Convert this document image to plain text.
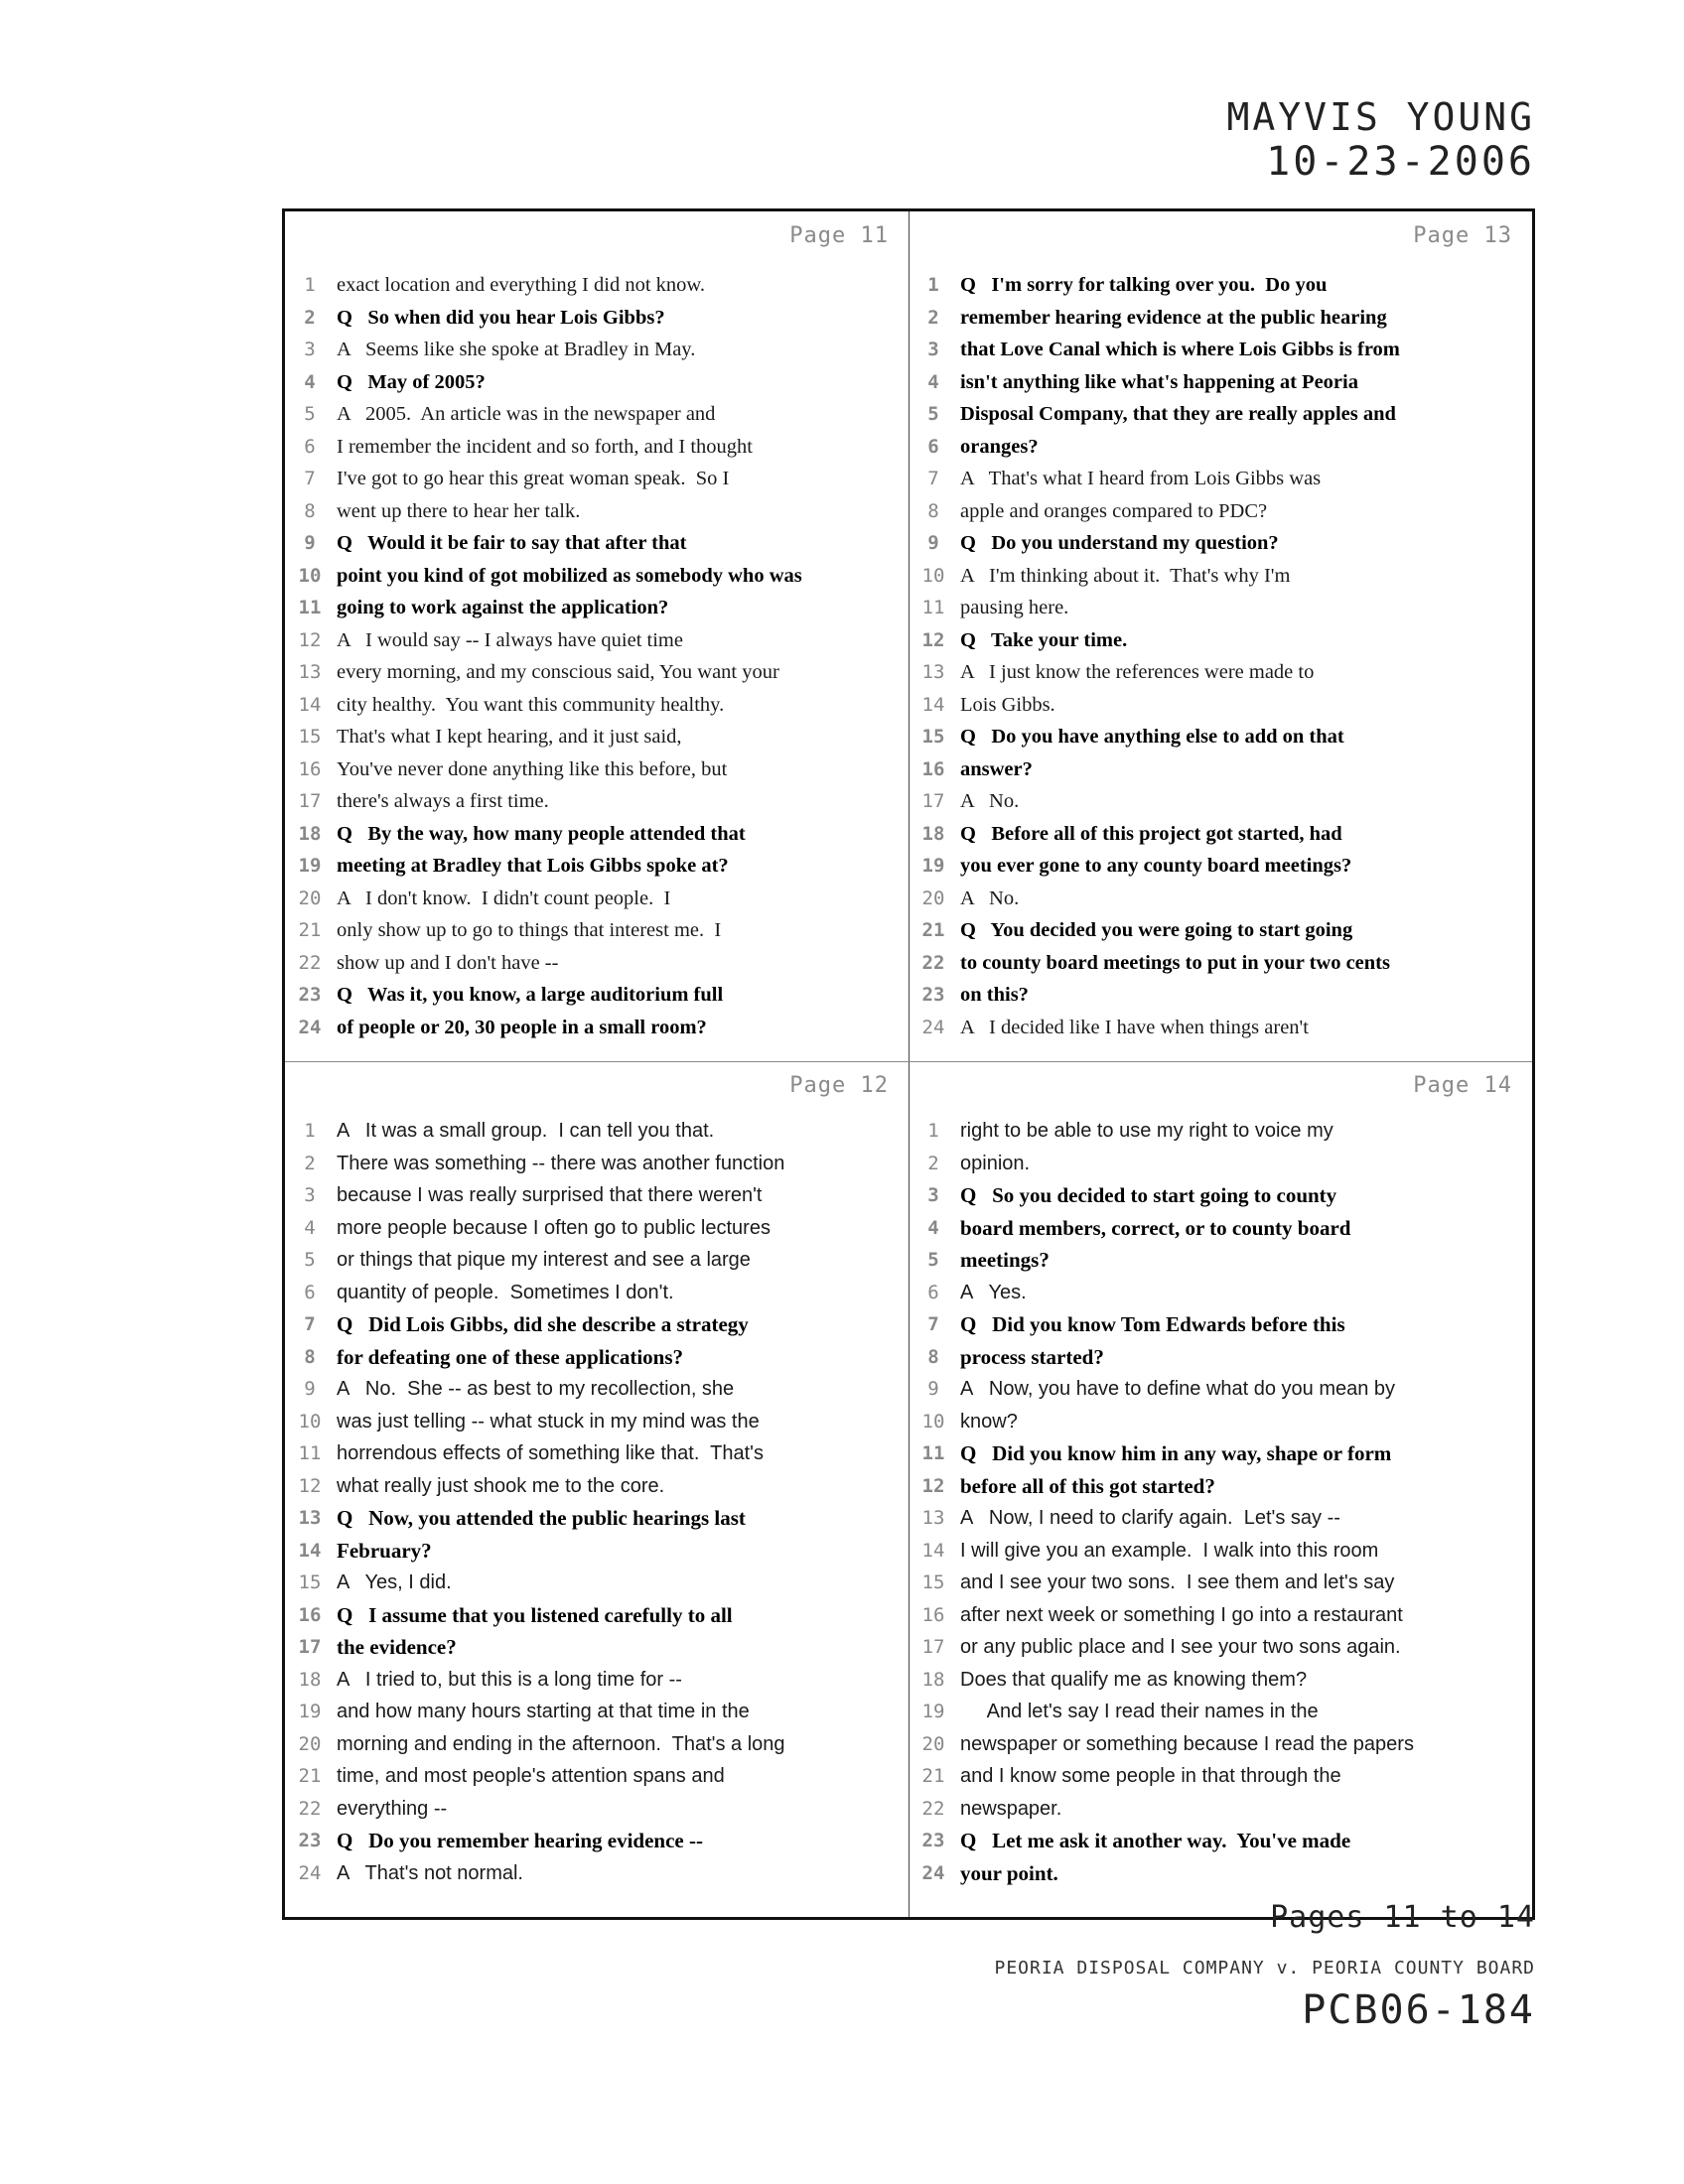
MAYVIS YOUNG
10-23-2006
Page 11
1	exact location and everything I did not know.
2	Q   So when did you hear Lois Gibbs?
3	A   Seems like she spoke at Bradley in May.
4	Q   May of 2005?
5	A   2005.  An article was in the newspaper and
6	I remember the incident and so forth, and I thought
7	I've got to go hear this great woman speak.  So I
8	went up there to hear her talk.
9	Q   Would it be fair to say that after that
10 point you kind of got mobilized as somebody who was
11 going to work against the application?
12 A   I would say -- I always have quiet time
13 every morning, and my conscious said, You want your
14 city healthy.  You want this community healthy.
15 That's what I kept hearing, and it just said,
16 You've never done anything like this before, but
17 there's always a first time.
18 Q   By the way, how many people attended that
19 meeting at Bradley that Lois Gibbs spoke at?
20 A   I don't know.  I didn't count people.  I
21 only show up to go to things that interest me.  I
22 show up and I don't have --
23 Q   Was it, you know, a large auditorium full
24 of people or 20, 30 people in a small room?
Page 13
1	Q   I'm sorry for talking over you.  Do you
2	remember hearing evidence at the public hearing
3	that Love Canal which is where Lois Gibbs is from
4	isn't anything like what's happening at Peoria
5	Disposal Company, that they are really apples and
6	oranges?
7	A   That's what I heard from Lois Gibbs was
8	apple and oranges compared to PDC?
9	Q   Do you understand my question?
10 A   I'm thinking about it.  That's why I'm
11 pausing here.
12 Q   Take your time.
13 A   I just know the references were made to
14 Lois Gibbs.
15 Q   Do you have anything else to add on that
16 answer?
17 A   No.
18 Q   Before all of this project got started, had
19 you ever gone to any county board meetings?
20 A   No.
21 Q   You decided you were going to start going
22 to county board meetings to put in your two cents
23 on this?
24 A   I decided like I have when things aren't
Page 12
1	A   It was a small group.  I can tell you that.
2	There was something -- there was another function
3	because I was really surprised that there weren't
4	more people because I often go to public lectures
5	or things that pique my interest and see a large
6	quantity of people.  Sometimes I don't.
7	Q   Did Lois Gibbs, did she describe a strategy
8	for defeating one of these applications?
9	A   No.  She -- as best to my recollection, she
10 was just telling -- what stuck in my mind was the
11 horrendous effects of something like that.  That's
12 what really just shook me to the core.
13 Q   Now, you attended the public hearings last
14 February?
15 A   Yes, I did.
16 Q   I assume that you listened carefully to all
17 the evidence?
18 A   I tried to, but this is a long time for --
19 and how many hours starting at that time in the
20 morning and ending in the afternoon.  That's a long
21 time, and most people's attention spans and
22 everything --
23 Q   Do you remember hearing evidence --
24 A   That's not normal.
Page 14
1	right to be able to use my right to voice my
2	opinion.
3	Q   So you decided to start going to county
4	board members, correct, or to county board
5	meetings?
6	A   Yes.
7	Q   Did you know Tom Edwards before this
8	process started?
9	A   Now, you have to define what do you mean by
10 know?
11 Q   Did you know him in any way, shape or form
12 before all of this got started?
13 A   Now, I need to clarify again.  Let's say --
14 I will give you an example.  I walk into this room
15 and I see your two sons.  I see them and let's say
16 after next week or something I go into a restaurant
17 or any public place and I see your two sons again.
18 Does that qualify me as knowing them?
19 And let's say I read their names in the
20 newspaper or something because I read the papers
21 and I know some people in that through the
22 newspaper.
23 Q   Let me ask it another way.  You've made
24 your point.
Pages 11 to 14
PEORIA DISPOSAL COMPANY v. PEORIA COUNTY BOARD
PCB06-184
